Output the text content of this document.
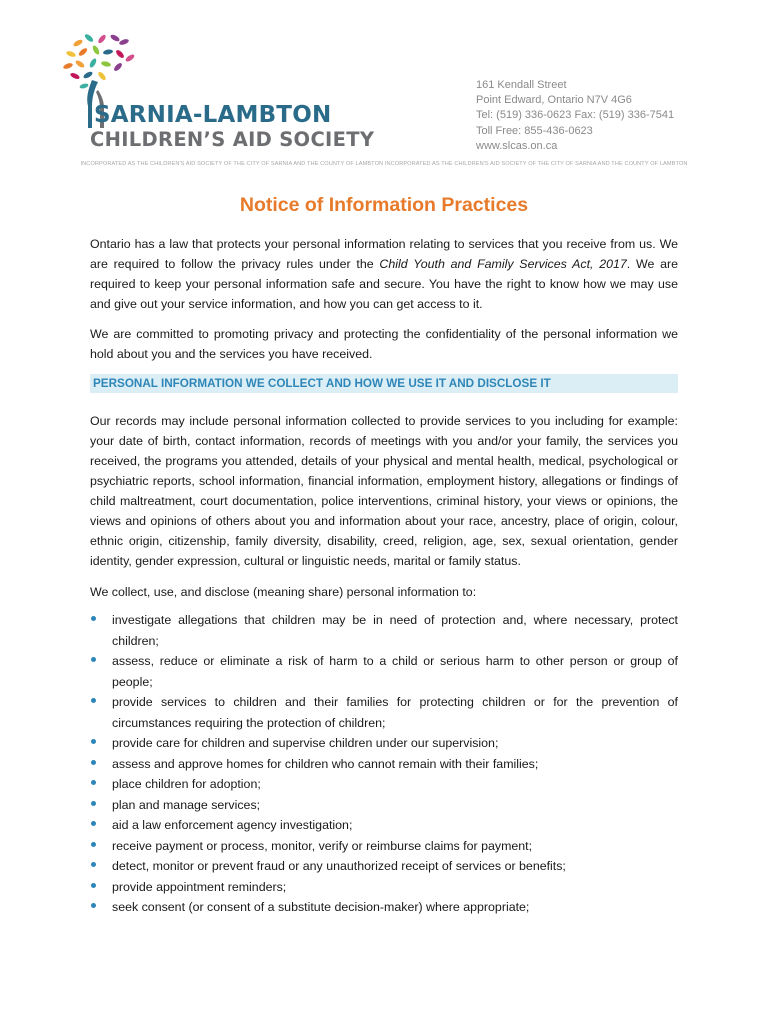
SARNIA-LAMBTON
CHILDREN’S AID SOCIETY
161 Kendall Street
Point Edward, Ontario N7V 4G6
Tel: (519) 336-0623 Fax: (519) 336-7541
Toll Free: 855-436-0623
www.slcas.on.ca
INCORPORATED AS THE CHILDREN'S AID SOCIETY OF THE CITY OF SARNIA AND THE COUNTY OF LAMBTON INCORPORATED AS THE CHILDREN'S AID SOCIETY OF THE CITY OF SARNIA AND THE COUNTY OF LAMBTON
Notice of Information Practices

Ontario has a law that protects your personal information relating to services that you receive from us. We are required to follow the privacy rules under the Child Youth and Family Services Act, 2017. We are required to keep your personal information safe and secure. You have the right to know how we may use and give out your service information, and how you can get access to it.

We are committed to promoting privacy and protecting the confidentiality of the personal information we hold about you and the services you have received.

PERSONAL INFORMATION WE COLLECT AND HOW WE USE IT AND DISCLOSE IT

Our records may include personal information collected to provide services to you including for example: your date of birth, contact information, records of meetings with you and/or your family, the services you received, the programs you attended, details of your physical and mental health, medical, psychological or psychiatric reports, school information, financial information, employment history, allegations or findings of child maltreatment, court documentation, police interventions, criminal history, your views or opinions, the views and opinions of others about you and information about your race, ancestry, place of origin, colour, ethnic origin, citizenship, family diversity, disability, creed, religion, age, sex, sexual orientation, gender identity, gender expression, cultural or linguistic needs, marital or family status.

We collect, use, and disclose (meaning share) personal information to:

investigate allegations that children may be in need of protection and, where necessary, protect children;
assess, reduce or eliminate a risk of harm to a child or serious harm to other person or group of people;
provide services to children and their families for protecting children or for the prevention of circumstances requiring the protection of children;
provide care for children and supervise children under our supervision;
assess and approve homes for children who cannot remain with their families;
place children for adoption;
plan and manage services;
aid a law enforcement agency investigation;
receive payment or process, monitor, verify or reimburse claims for payment;
detect, monitor or prevent fraud or any unauthorized receipt of services or benefits;
provide appointment reminders;
seek consent (or consent of a substitute decision-maker) where appropriate;
